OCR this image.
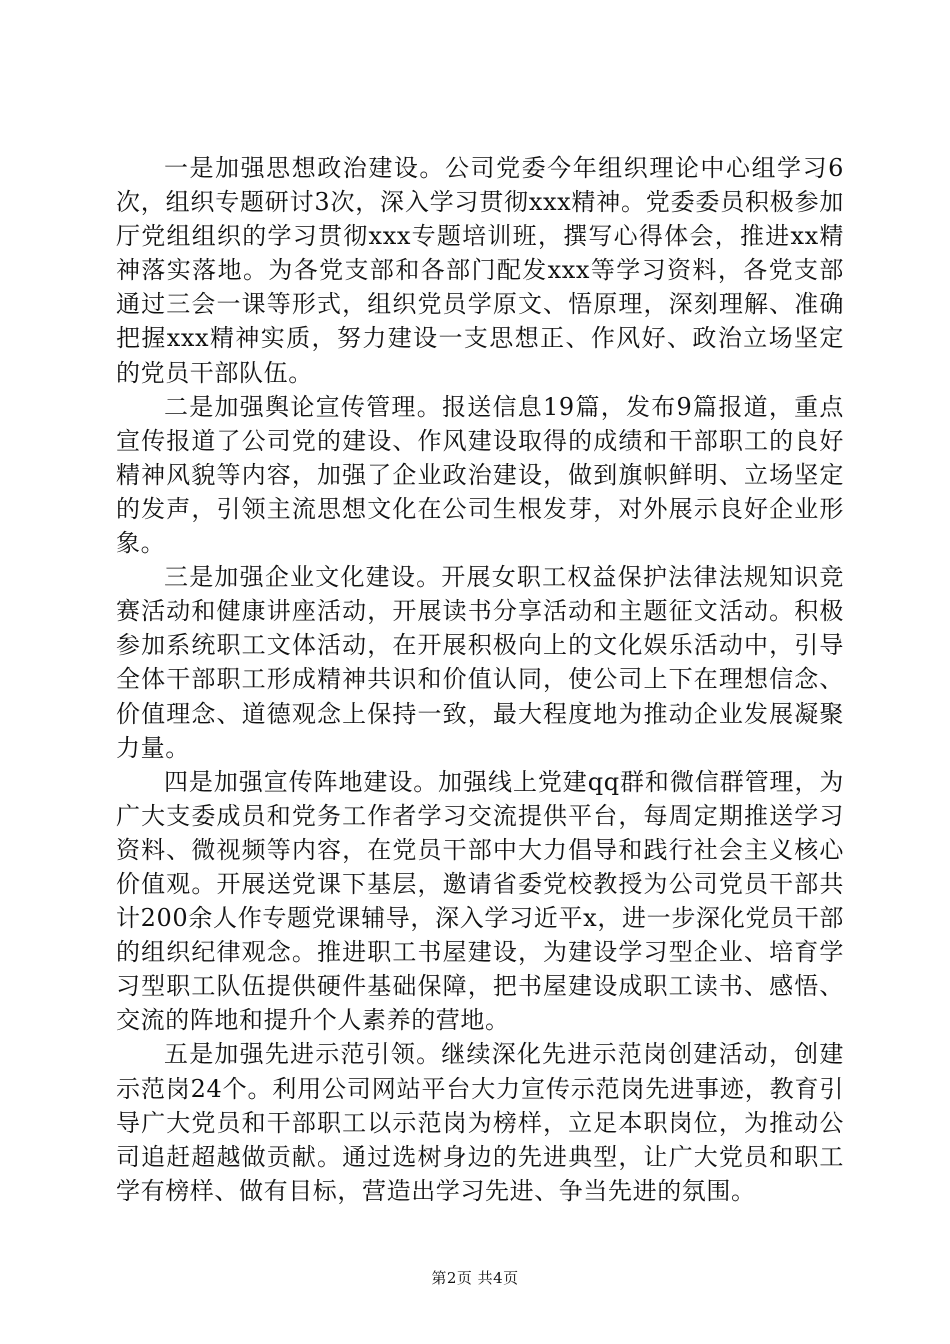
一是加强思想政治建设。公司党委今年组织理论中心组学习6次，组织专题研讨3次，深入学习贯彻xxx精神。党委委员积极参加厅党组组织的学习贯彻xxx专题培训班，撰写心得体会，推进xx精神落实落地。为各党支部和各部门配发xxx等学习资料，各党支部通过三会一课等形式，组织党员学原文、悟原理，深刻理解、准确把握xxx精神实质，努力建设一支思想正、作风好、政治立场坚定的党员干部队伍。

二是加强舆论宣传管理。报送信息19篇，发布9篇报道，重点宣传报道了公司党的建设、作风建设取得的成绩和干部职工的良好精神风貌等内容，加强了企业政治建设，做到旗帜鲜明、立场坚定的发声，引领主流思想文化在公司生根发芽，对外展示良好企业形象。

三是加强企业文化建设。开展女职工权益保护法律法规知识竞赛活动和健康讲座活动，开展读书分享活动和主题征文活动。积极参加系统职工文体活动，在开展积极向上的文化娱乐活动中，引导全体干部职工形成精神共识和价值认同，使公司上下在理想信念、价值理念、道德观念上保持一致，最大程度地为推动企业发展凝聚力量。

四是加强宣传阵地建设。加强线上党建qq群和微信群管理，为广大支委成员和党务工作者学习交流提供平台，每周定期推送学习资料、微视频等内容，在党员干部中大力倡导和践行社会主义核心价值观。开展送党课下基层，邀请省委党校教授为公司党员干部共计200余人作专题党课辅导，深入学习近平x，进一步深化党员干部的组织纪律观念。推进职工书屋建设，为建设学习型企业、培育学习型职工队伍提供硬件基础保障，把书屋建设成职工读书、感悟、交流的阵地和提升个人素养的营地。

五是加强先进示范引领。继续深化先进示范岗创建活动，创建示范岗24个。利用公司网站平台大力宣传示范岗先进事迹，教育引导广大党员和干部职工以示范岗为榜样，立足本职岗位，为推动公司追赶超越做贡献。通过选树身边的先进典型，让广大党员和职工学有榜样、做有目标，营造出学习先进、争当先进的氛围。

第2页 共4页
